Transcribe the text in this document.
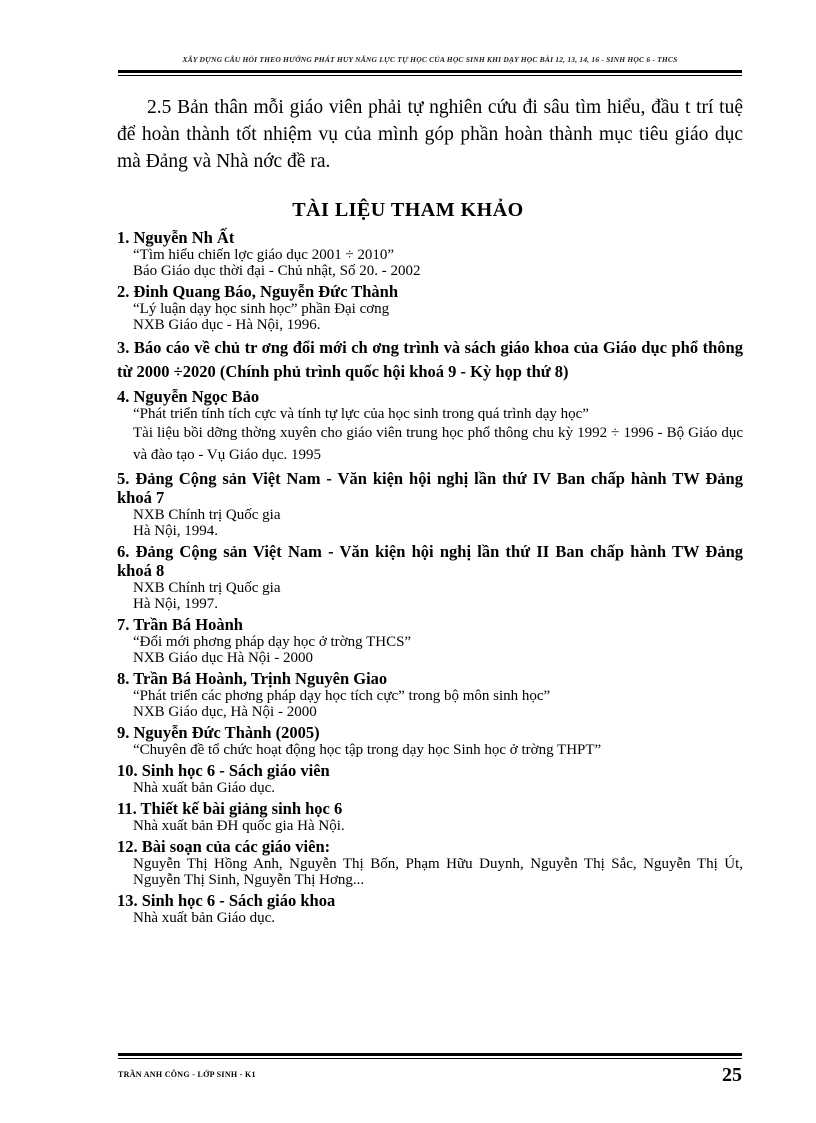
XÂY DỰNG CÂU HỎI THEO HƯỚNG PHÁT HUY NĂNG LỰC TỰ HỌC CỦA HỌC SINH KHI DẠY HỌC BÀI 12, 13, 14, 16 - SINH HỌC 6 - THCS

2.5 Bản thân mỗi giáo viên phải tự nghiên cứu đi sâu tìm hiểu, đầu t trí tuệ để hoàn thành tốt nhiệm vụ của mình góp phần hoàn thành mục tiêu giáo dục mà Đảng và Nhà nớc đề ra.

TÀI LIỆU THAM KHẢO
1. Nguyễn Nh Ất
“Tìm hiểu chiến lợc giáo dục 2001 ÷ 2010”
Báo Giáo dục thời đại - Chủ nhật, Số 20. - 2002
2. Đinh Quang Báo, Nguyễn Đức Thành
“Lý luận dạy học sinh học” phần Đại cơng
NXB Giáo dục - Hà Nội, 1996.
3. Báo cáo về chủ tr ơng đổi mới ch ơng trình và sách giáo khoa của Giáo dục phổ thông từ 2000 ÷2020 (Chính phủ trình quốc hội khoá 9 - Kỳ họp thứ 8)
4. Nguyễn Ngọc Bảo
“Phát triển tính tích cực và tính tự lực của học sinh trong quá trình dạy học”
Tài liệu bồi dỡng thờng xuyên cho giáo viên trung học phổ thông chu kỳ 1992 ÷ 1996 - Bộ Giáo dục và đào tạo - Vụ Giáo dục. 1995
5. Đảng Cộng sản Việt Nam - Văn kiện hội nghị lần thứ IV Ban chấp hành TW Đảng khoá 7
NXB Chính trị Quốc gia
Hà Nội, 1994.
6. Đảng Cộng sản Việt Nam - Văn kiện hội nghị lần thứ II Ban chấp hành TW Đảng khoá 8
NXB Chính trị Quốc gia
Hà Nội, 1997.
7. Trần Bá Hoành
“Đổi mới phơng pháp dạy học ở trờng THCS”
NXB Giáo dục Hà Nội - 2000
8. Trần Bá Hoành, Trịnh Nguyên Giao
“Phát triển các phơng pháp dạy học tích cực” trong bộ môn sinh học”
NXB Giáo dục, Hà Nội - 2000
9. Nguyễn Đức Thành (2005)
“Chuyên đề tổ chức hoạt động học tập trong dạy học Sinh học ở trờng THPT”
10. Sinh học 6 - Sách giáo viên
Nhà xuất bản Giáo dục.
11. Thiết kế bài giảng sinh học 6
Nhà xuất bản ĐH quốc gia Hà Nội.
12. Bài soạn của các giáo viên:
Nguyễn Thị Hồng Anh, Nguyễn Thị Bốn, Phạm Hữu Duynh, Nguyễn Thị Sắc, Nguyễn Thị Út, Nguyễn Thị Sinh, Nguyễn Thị Hơng...
13. Sinh học 6 - Sách giáo khoa
Nhà xuất bản Giáo dục.
TRẦN ANH CÔNG - LỚP SINH - K1	25
